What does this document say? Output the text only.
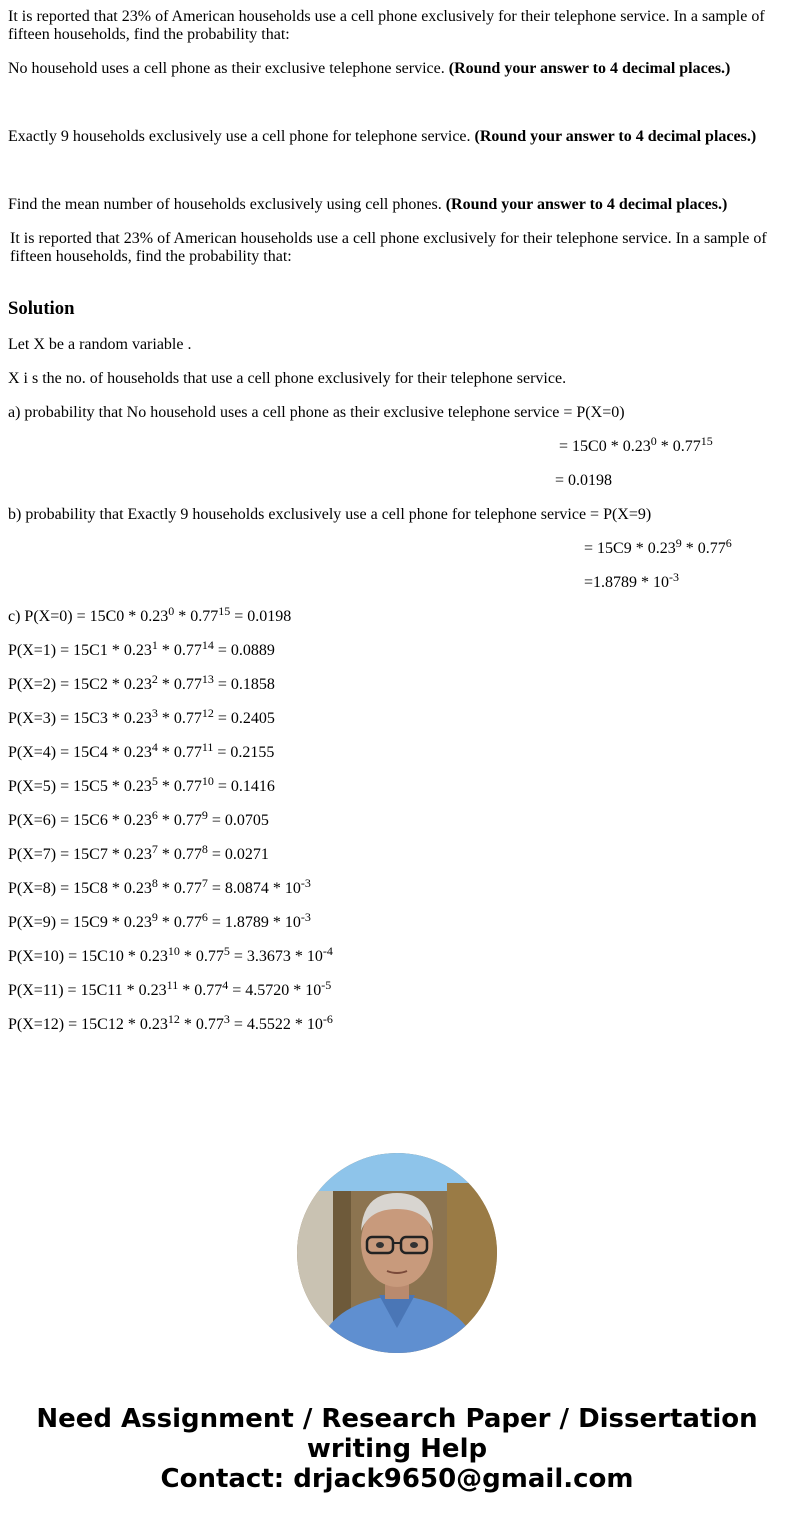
It is reported that 23% of American households use a cell phone exclusively for their telephone service. In a sample of fifteen households, find the probability that:

No household uses a cell phone as their exclusive telephone service. (Round your answer to 4 decimal places.)

Exactly 9 households exclusively use a cell phone for telephone service. (Round your answer to 4 decimal places.)

Find the mean number of households exclusively using cell phones. (Round your answer to 4 decimal places.)

It is reported that 23% of American households use a cell phone exclusively for their telephone service. In a sample of fifteen households, find the probability that:

Solution

Let X be a random variable .

X i s the no. of households that use a cell phone exclusively for their telephone service.

a) probability that No household uses a cell phone as their exclusive telephone service = P(X=0)

= 15C0 * 0.23$^0$ * 0.77$^{15}$

= 0.0198

b) probability that Exactly 9 households exclusively use a cell phone for telephone service = P(X=9)

= 15C9 * 0.23$^9$ * 0.77$^6$

$=1.8789 * 10^{-3}$

c) $P(X=0) = 15C0 * 0.23^0 * 0.77^{15} = 0.0198$

$P(X=1) = 15C1 * 0.23^1 * 0.77^{14} = 0.0889$

$P(X=2) = 15C2 * 0.23^2 * 0.77^{13} = 0.1858$

$P(X=3) = 15C3 * 0.23^3 * 0.77^{12} = 0.2405$

$P(X=4) = 15C4 * 0.23^4 * 0.77^{11} = 0.2155$

$P(X=5) = 15C5 * 0.23^5 * 0.77^{10} = 0.1416$

$P(X=6) = 15C6 * 0.23^6 * 0.77^9 = 0.0705$

$P(X=7) = 15C7 * 0.23^7 * 0.77^8 = 0.0271$

$P(X=8) = 15C8 * 0.23^8 * 0.77^7 = 8.0874 * 10^{-3}$

$P(X=9) = 15C9 * 0.23^9 * 0.77^6 = 1.8789 * 10^{-3}$

$P(X=10) = 15C10 * 0.23^{10} * 0.77^5 = 3.3673 * 10^{-4}$

$P(X=11) = 15C11 * 0.23^{11} * 0.77^4 = 4.5720 * 10^{-5}$

$P(X=12) = 15C12 * 0.23^{12} * 0.77^3 = 4.5522 * 10^{-6}$

Need Assignment / Research Paper / Dissertation
writing Help
Contact: drjack9650@gmail.com
